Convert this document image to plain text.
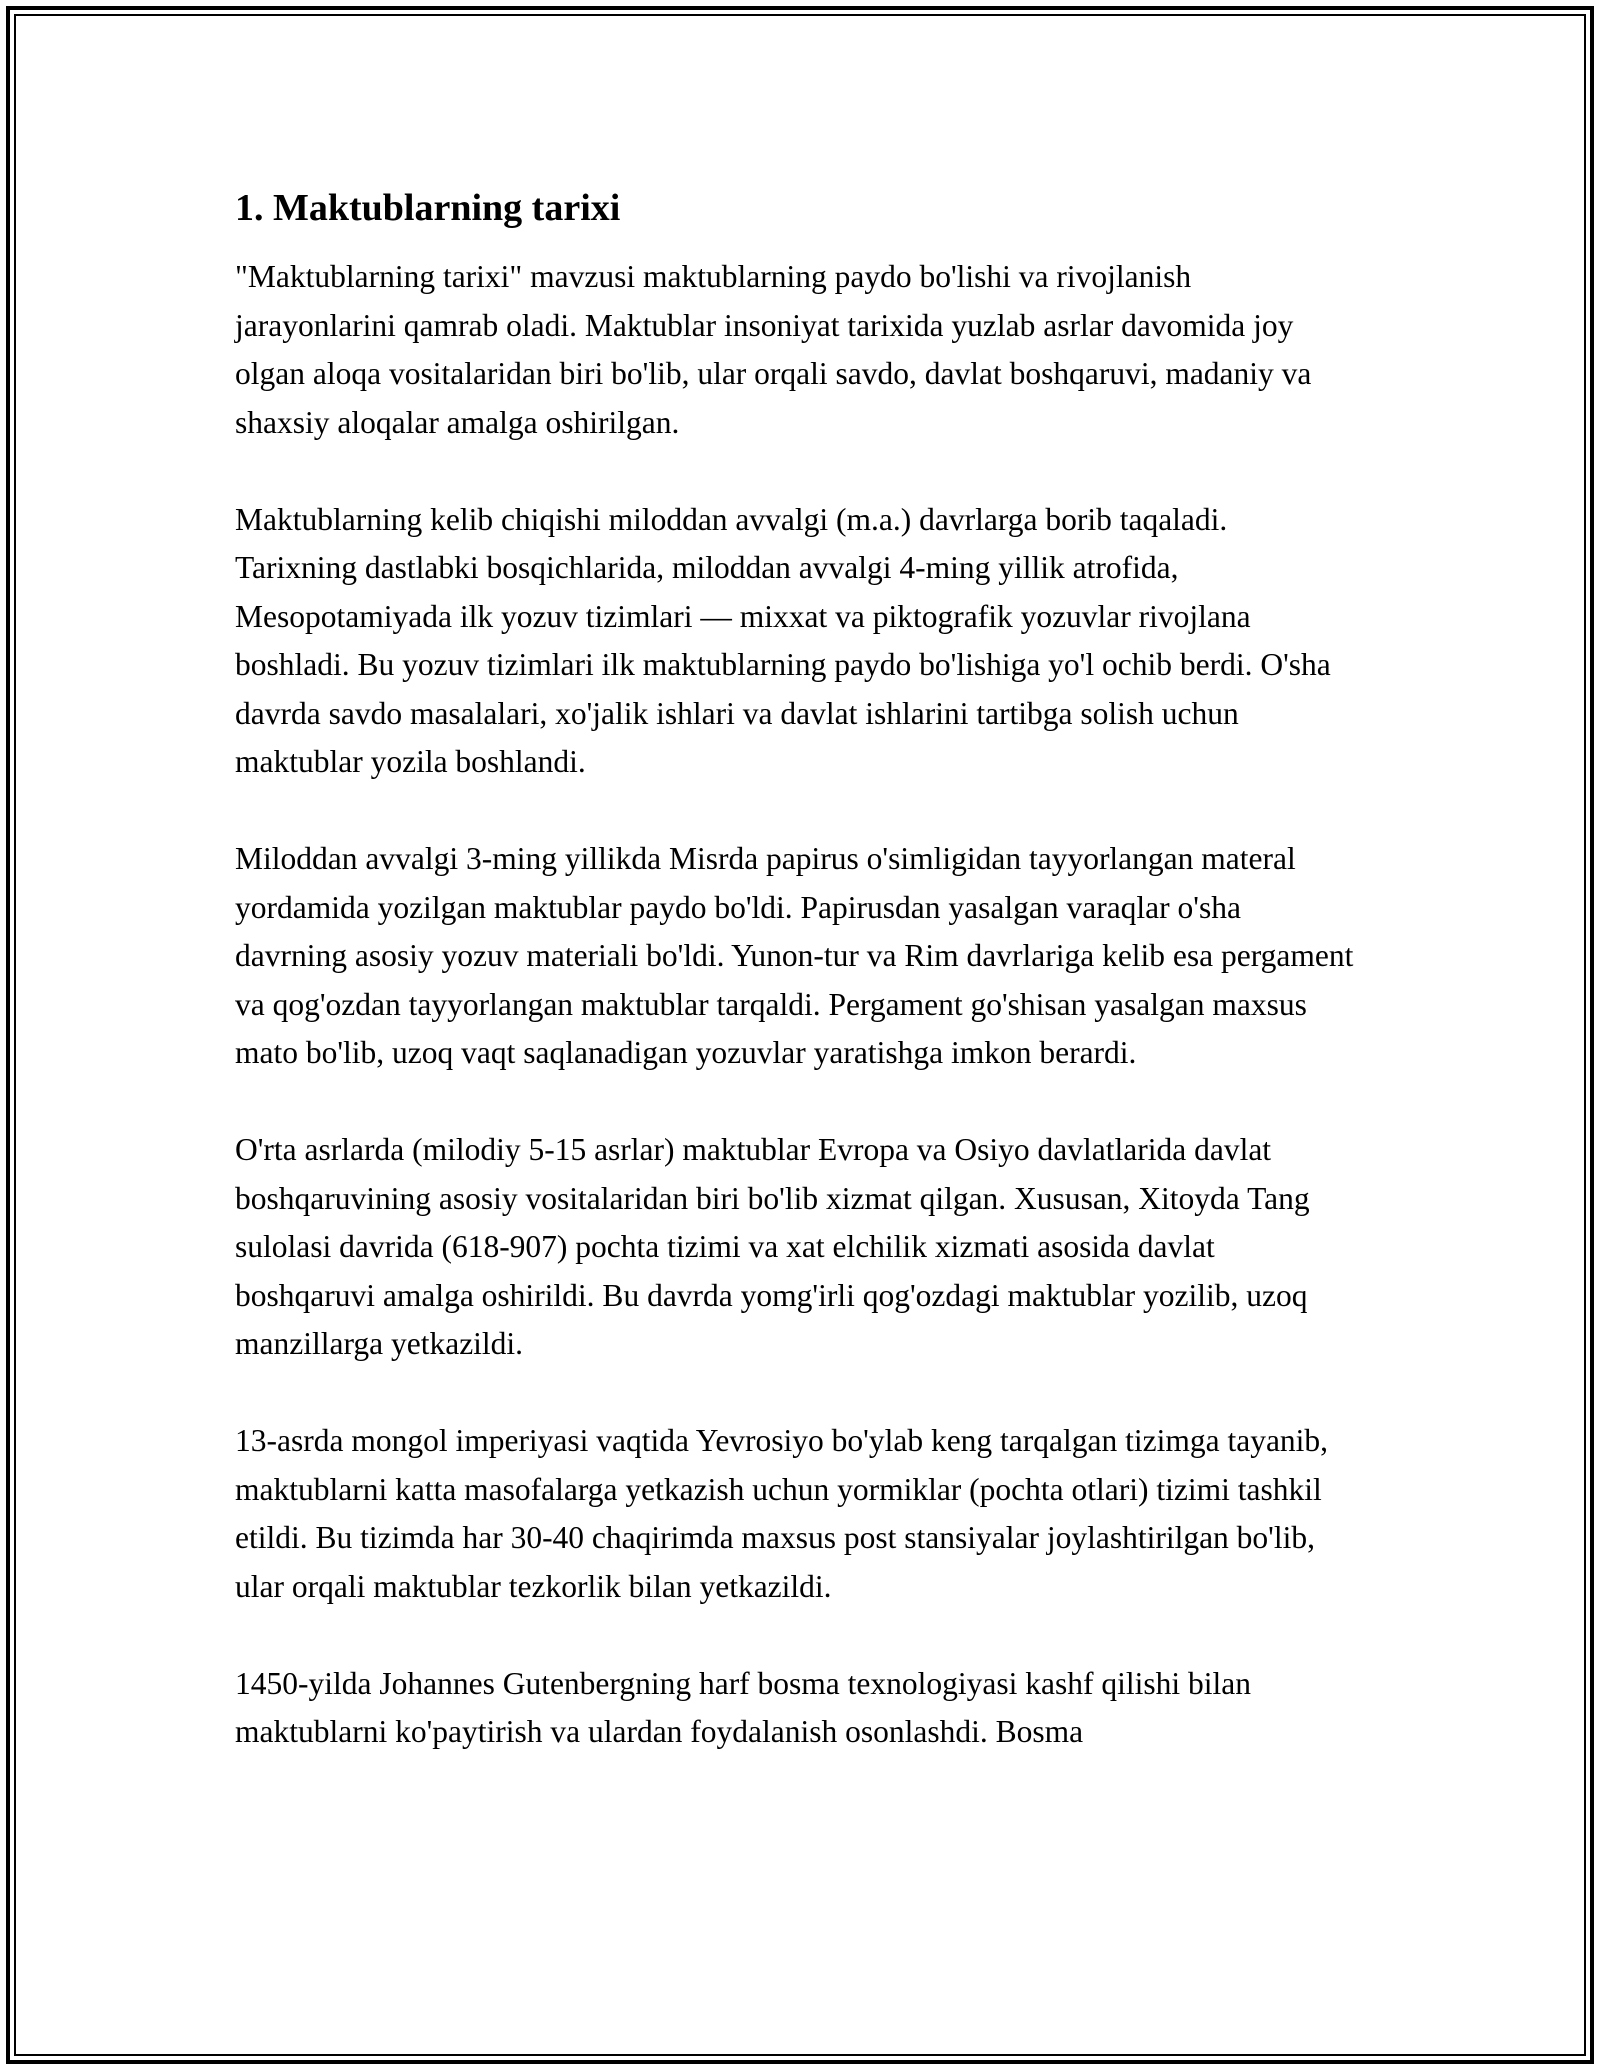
1. Maktublarning tarixi

"Maktublarning tarixi" mavzusi maktublarning paydo bo'lishi va rivojlanish jarayonlarini qamrab oladi. Maktublar insoniyat tarixida yuzlab asrlar davomida joy olgan aloqa vositalaridan biri bo'lib, ular orqali savdo, davlat boshqaruvi, madaniy va shaxsiy aloqalar amalga oshirilgan.

Maktublarning kelib chiqishi miloddan avvalgi (m.a.) davrlarga borib taqaladi. Tarixning dastlabki bosqichlarida, miloddan avvalgi 4-ming yillik atrofida, Mesopotamiyada ilk yozuv tizimlari — mixxat va piktografik yozuvlar rivojlana boshladi. Bu yozuv tizimlari ilk maktublarning paydo bo'lishiga yo'l ochib berdi. O'sha davrda savdo masalalari, xo'jalik ishlari va davlat ishlarini tartibga solish uchun maktublar yozila boshlandi.

Miloddan avvalgi 3-ming yillikda Misrda papirus o'simligidan tayyorlangan materal yordamida yozilgan maktublar paydo bo'ldi. Papirusdan yasalgan varaqlar o'sha davrning asosiy yozuv materiali bo'ldi. Yunon-tur va Rim davrlariga kelib esa pergament va qog'ozdan tayyorlangan maktublar tarqaldi. Pergament go'shisan yasalgan maxsus mato bo'lib, uzoq vaqt saqlanadigan yozuvlar yaratishga imkon berardi.

O'rta asrlarda (milodiy 5-15 asrlar) maktublar Evropa va Osiyo davlatlarida davlat boshqaruvining asosiy vositalaridan biri bo'lib xizmat qilgan. Xususan, Xitoyda Tang sulolasi davrida (618-907) pochta tizimi va xat elchilik xizmati asosida davlat boshqaruvi amalga oshirildi. Bu davrda yomg'irli qog'ozdagi maktublar yozilib, uzoq manzillarga yetkazildi.

13-asrda mongol imperiyasi vaqtida Yevrosiyo bo'ylab keng tarqalgan tizimga tayanib, maktublarni katta masofalarga yetkazish uchun yormiklar (pochta otlari) tizimi tashkil etildi. Bu tizimda har 30-40 chaqirimda maxsus post stansiyalar joylashtirilgan bo'lib, ular orqali maktublar tezkorlik bilan yetkazildi.

1450-yilda Johannes Gutenbergning harf bosma texnologiyasi kashf qilishi bilan maktublarni ko'paytirish va ulardan foydalanish osonlashdi. Bosma
